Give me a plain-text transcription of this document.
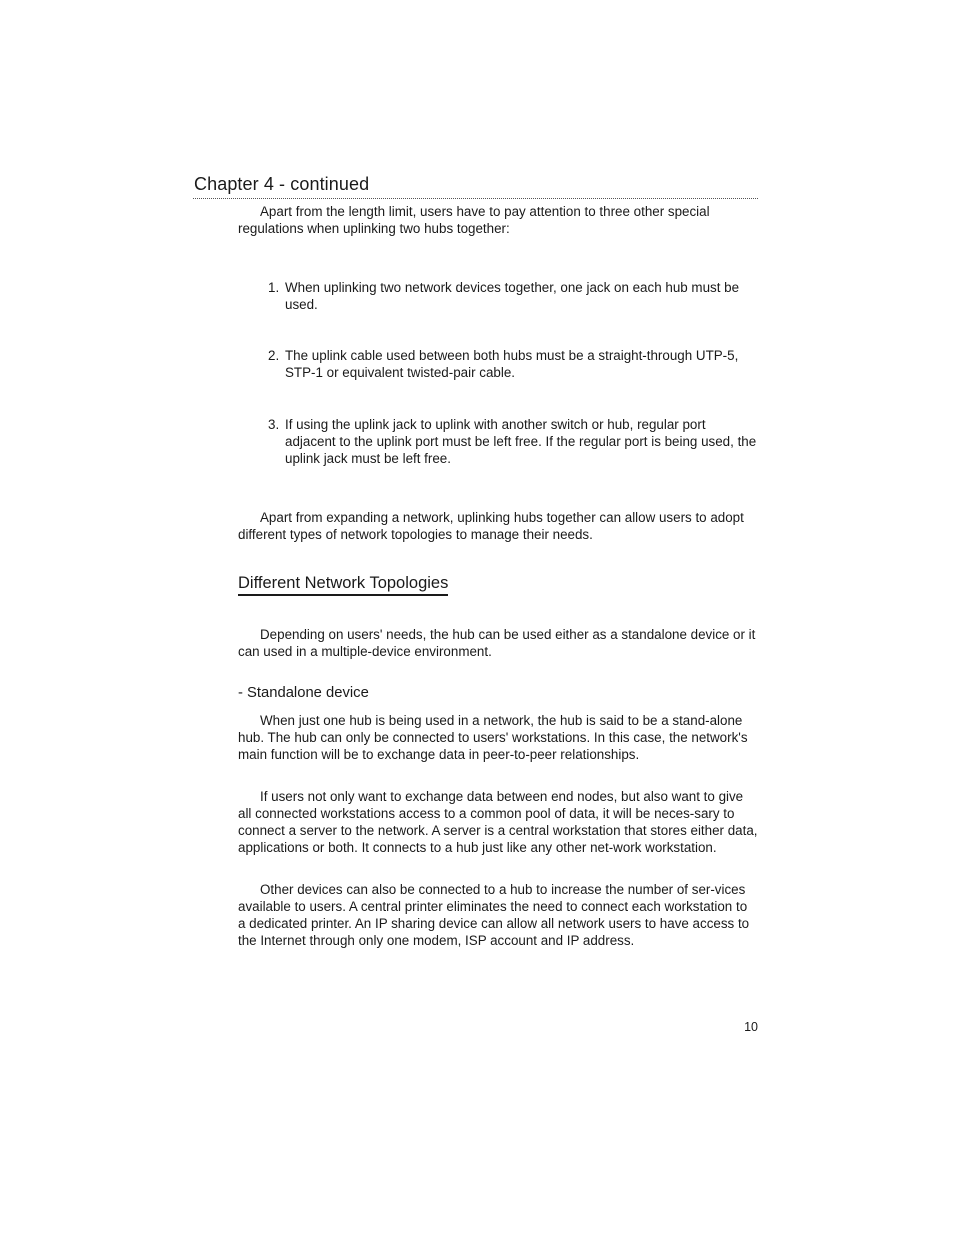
Chapter 4 - continued

Apart from the length limit, users have to pay attention to three other special regulations when uplinking two hubs together:

1. When uplinking two network devices together, one jack on each hub must be used.
2. The uplink cable used between both hubs must be a straight-through UTP-5, STP-1 or equivalent twisted-pair cable.
3. If using the uplink jack to uplink with another switch or hub, regular port adjacent to the uplink port must be left free. If the regular port is being used, the uplink jack must be left free.

Apart from expanding a network, uplinking hubs together can allow users to adopt different types of network topologies to manage their needs.

Different Network Topologies

Depending on users' needs, the hub can be used either as a standalone device or it can used in a multiple-device environment.

- Standalone device

When just one hub is being used in a network, the hub is said to be a stand-alone hub. The hub can only be connected to users' workstations. In this case, the network's main function will be to exchange data in peer-to-peer relationships.

If users not only want to exchange data between end nodes, but also want to give all connected workstations access to a common pool of data, it will be neces-sary to connect a server to the network. A server is a central workstation that stores either data, applications or both. It connects to a hub just like any other net-work workstation.

Other devices can also be connected to a hub to increase the number of ser-vices available to users. A central printer eliminates the need to connect each workstation to a dedicated printer. An IP sharing device can allow all network users to have access to the Internet through only one modem, ISP account and IP address.

10
